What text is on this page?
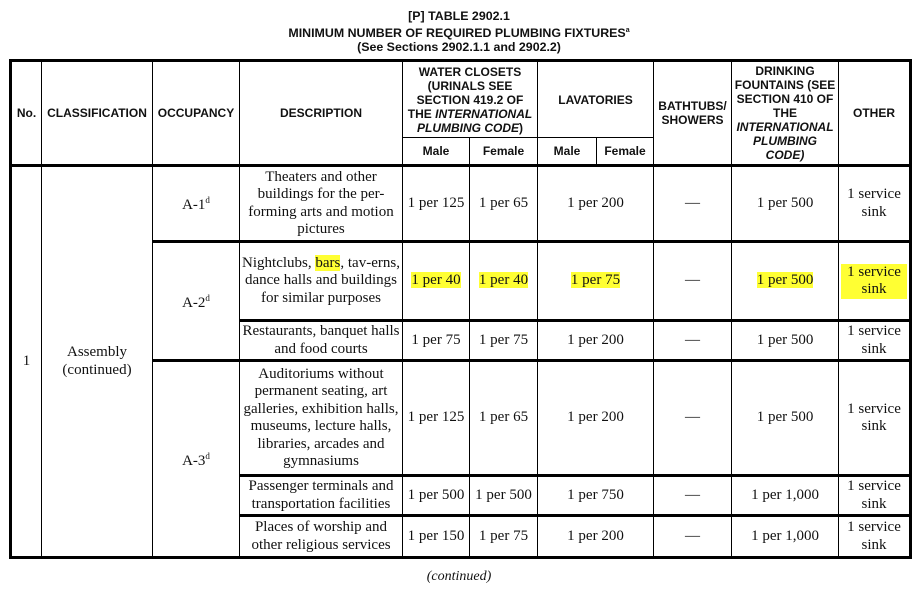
[P] TABLE 2902.1
MINIMUM NUMBER OF REQUIRED PLUMBING FIXTURES$^a$
(See Sections 2902.1.1 and 2902.2)
No.	CLASSIFICATION	OCCUPANCY	DESCRIPTION	WATER CLOSETS (URINALS SEE SECTION 419.2 OF THE INTERNATIONAL PLUMBING CODE)		LAVATORIES		BATHTUBS/ SHOWERS	DRINKING FOUNTAINS (SEE SECTION 410 OF THE INTERNATIONAL PLUMBING CODE)	OTHER
				Male	Female	Male	Female			
1	Assembly (continued)	A-1$^d$	Theaters and other buildings for the per-forming arts and motion pictures	1 per 125	1 per 65	1 per 200		—	1 per 500	1 service sink
		A-2$^d$	Nightclubs, bars, tav-erns, dance halls and buildings for similar purposes	1 per 40	1 per 40	1 per 75		—	1 per 500	1 service sink
			Restaurants, banquet halls and food courts	1 per 75	1 per 75	1 per 200		—	1 per 500	1 service sink
		A-3$^d$	Auditoriums without permanent seating, art galleries, exhibition halls, museums, lecture halls, libraries, arcades and gymnasiums	1 per 125	1 per 65	1 per 200		—	1 per 500	1 service sink
			Passenger terminals and transportation facilities	1 per 500	1 per 500	1 per 750		—	1 per 1,000	1 service sink
			Places of worship and other religious services	1 per 150	1 per 75	1 per 200		—	1 per 1,000	1 service sink
(continued)
